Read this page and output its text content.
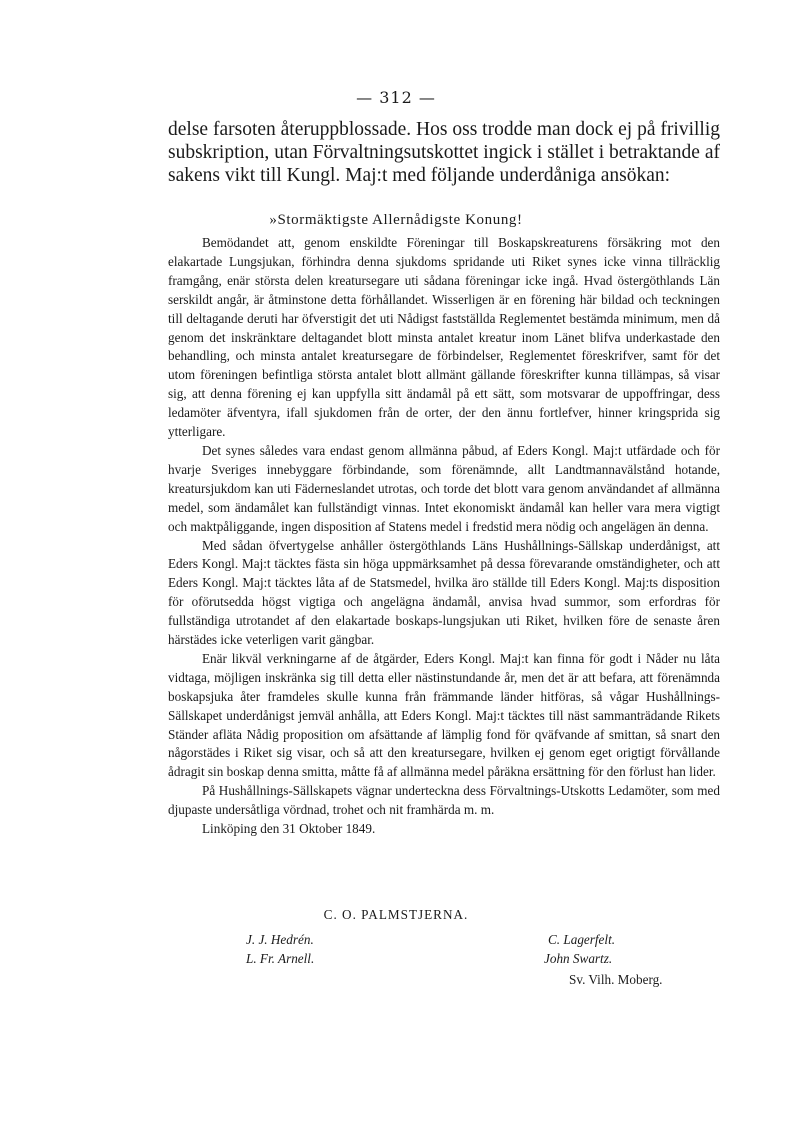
— 312 —
delse farsoten återuppblossade. Hos oss trodde man dock ej på frivillig subskription, utan Förvaltningsutskottet ingick i stället i betraktande af sakens vikt till Kungl. Maj:t med följande underdåniga ansökan:
»Stormäktigste Allernådigste Konung!

Bemödandet att, genom enskildte Föreningar till Boskapskreaturens försäkring mot den elakartade Lungsjukan, förhindra denna sjukdoms spridande uti Riket synes icke vinna tillräcklig framgång, enär största delen kreatursegare uti sådana föreningar icke ingå. Hvad östergöthlands Län serskildt angår, är åtminstone detta förhållandet. Wisserligen är en förening här bildad och teckningen till deltagande deruti har öfverstigit det uti Nådigst fastställda Reglementet bestämda minimum, men då genom det inskränktare deltagandet blott minsta antalet kreatur inom Länet blifva underkastade den behandling, och minsta antalet kreatursegare de förbindelser, Reglementet föreskrifver, samt för det utom föreningen befintliga största antalet blott allmänt gällande föreskrifter kunna tillämpas, så visar sig, att denna förening ej kan uppfylla sitt ändamål på ett sätt, som motsvarar de uppoffringar, dess ledamöter äfventyra, ifall sjukdomen från de orter, der den ännu fortlefver, hinner kringsprida sig ytterligare.

Det synes således vara endast genom allmänna påbud, af Eders Kongl. Maj:t utfärdade och för hvarje Sveriges innebyggare förbindande, som förenämnde, allt Landtmannavälstånd hotande, kreatursjukdom kan uti Fäderneslandet utrotas, och torde det blott vara genom användandet af allmänna medel, som ändamålet kan fullständigt vinnas. Intet ekonomiskt ändamål kan heller vara mera vigtigt och maktpåliggande, ingen disposition af Statens medel i fredstid mera nödig och angelägen än denna.

Med sådan öfvertygelse anhåller östergöthlands Läns Hushållnings-Sällskap underdånigst, att Eders Kongl. Maj:t täcktes fästa sin höga uppmärksamhet på dessa förevarande omständigheter, och att Eders Kongl. Maj:t täcktes låta af de Statsmedel, hvilka äro ställde till Eders Kongl. Maj:ts disposition för oförutsedda högst vigtiga och angelägna ändamål, anvisa hvad summor, som erfordras för fullständiga utrotandet af den elakartade boskaps-lungsjukan uti Riket, hvilken före de senaste åren härstädes icke veterligen varit gängbar.

Enär likväl verkningarne af de åtgärder, Eders Kongl. Maj:t kan finna för godt i Nåder nu låta vidtaga, möjligen inskränka sig till detta eller nästinstundande år, men det är att befara, att förenämnda boskapsjuka åter framdeles skulle kunna från främmande länder hitföras, så vågar Hushållnings-Sällskapet underdånigst jemväl anhålla, att Eders Kongl. Maj:t täcktes till näst sammanträdande Rikets Ständer afläta Nådig proposition om afsättande af lämplig fond för qväfvande af smittan, så snart den någorstädes i Riket sig visar, och så att den kreatursegare, hvilken ej genom eget origtigt förvållande ådragit sin boskap denna smitta, måtte få af allmänna medel påräkna ersättning för den förlust han lider.

På Hushållnings-Sällskapets vägnar underteckna dess Förvaltnings-Utskotts Ledamöter, som med djupaste undersåtliga vördnad, trohet och nit framhärda m. m.

Linköping den 31 Oktober 1849.

C. O. PALMSTJERNA.
J. J. Hedrén.
L. Fr. Arnell.
C. Lagerfelt.
John Swartz.
Sv. Vilh. Moberg.
